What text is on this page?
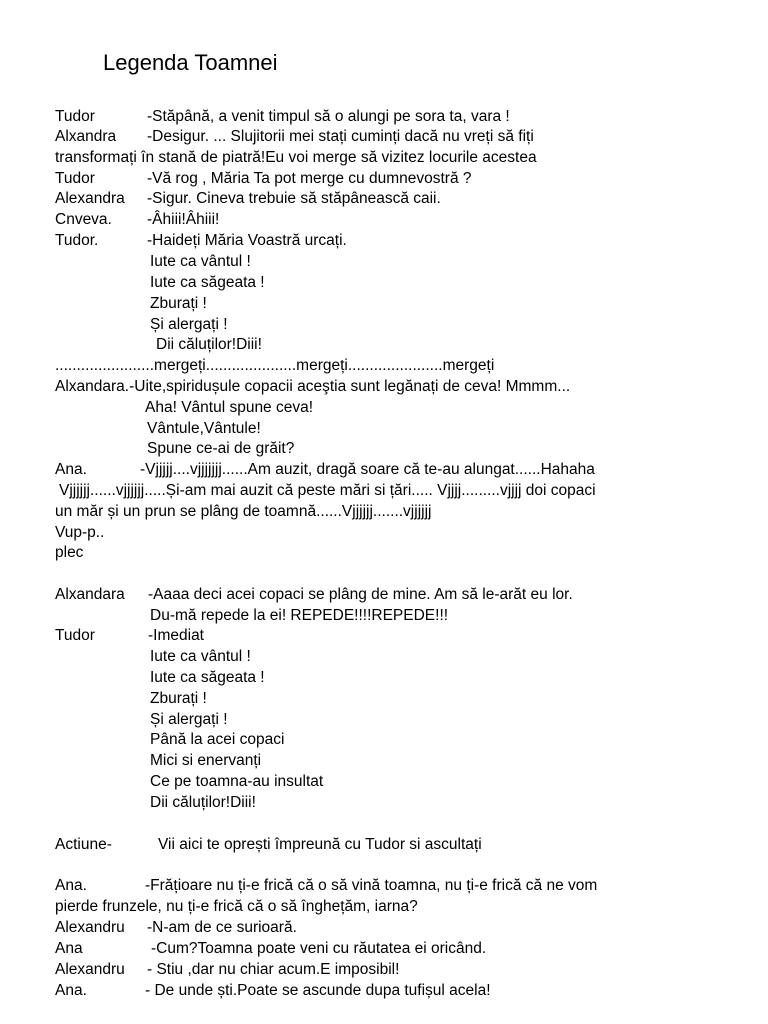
Legenda Toamnei
Tudor	-Stăpână, a venit timpul să o alungi pe sora ta, vara !
Alxandra -Desigur. ... Slujitorii mei stați cuminți dacă nu vreți să fiți
transformați în stană de piatră!Eu voi merge să vizitez locurile acestea
Tudor	-Vă rog , Măria Ta pot merge cu dumnevostră ?
Alexandra -Sigur. Cineva trebuie să stăpânească caii.
Cnveva. -Âhiii!Âhiii!
Tudor.	-Haideți Măria Voastră urcați.
Iute ca vântul !
Iute ca săgeata !
Zburați !
Și alergați !
Dii căluților!Diii!
.......................mergeți.....................mergeți......................mergeți
Alxandara.-Uite,spiridușule copacii aceştia sunt legănați de ceva! Mmmm...
Aha! Vântul spune ceva!
Vântule,Vântule!
Spune ce-ai de grăit?
Ana.	-Vjjjjj....vjjjjjjj......Am auzit, dragă soare că te-au alungat......Hahaha
Vjjjjjj......vjjjjjj.....Și-am mai auzit că peste mări si țări..... Vjjjj.........vjjjj doi copaci
un măr și un prun se plâng de toamnă......Vjjjjjj.......vjjjjjj
Vup-p..
plec
Alxandara -Aaaa deci acei copaci se plâng de mine. Am să le-arăt eu lor.
Du-mă repede la ei! REPEDE!!!!REPEDE!!!
Tudor	-Imediat
Iute ca vântul !
Iute ca săgeata !
Zburați !
Și alergați !
Până la acei copaci
Mici si enervanți
Ce pe toamna-au insultat
Dii căluților!Diii!
Actiune-	Vii aici te oprești împreună cu Tudor si ascultați
Ana.	-Frățioare nu ți-e frică că o să vină toamna, nu ți-e frică că ne vom
pierde frunzele, nu ți-e frică că o să înghețăm, iarna?
Alexandru -N-am de ce surioară.
Ana	-Cum?Toamna poate veni cu răutatea ei oricând.
Alexandru - Stiu ,dar nu chiar acum.E imposibil!
Ana.	- De unde ști.Poate se ascunde dupa tufișul acela!
